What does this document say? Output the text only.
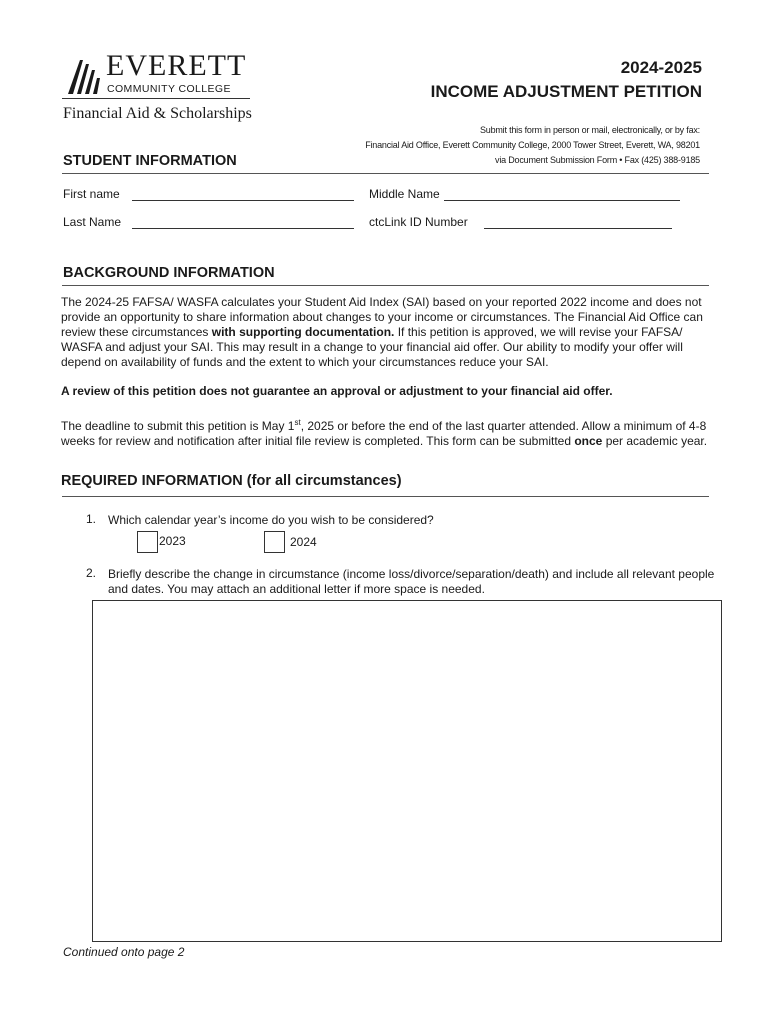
EVERETT
COMMUNITY COLLEGE
Financial Aid & Scholarships
2024-2025
INCOME ADJUSTMENT PETITION
Submit this form in person or mail, electronically, or by fax:
Financial Aid Office, Everett Community College, 2000 Tower Street, Everett, WA, 98201
via Document Submission Form • Fax (425) 388-9185
STUDENT INFORMATION
First name	Middle Name
Last Name	ctcLink ID Number
BACKGROUND INFORMATION
The 2024-25 FAFSA/ WASFA calculates your Student Aid Index (SAI) based on your reported 2022 income and does not provide an opportunity to share information about changes to your income or circumstances. The Financial Aid Office can review these circumstances with supporting documentation. If this petition is approved, we will revise your FAFSA/ WASFA and adjust your SAI. This may result in a change to your financial aid offer. Our ability to modify your offer will depend on availability of funds and the extent to which your circumstances reduce your SAI.
A review of this petition does not guarantee an approval or adjustment to your financial aid offer.
The deadline to submit this petition is May 1st, 2025 or before the end of the last quarter attended. Allow a minimum of 4-8 weeks for review and notification after initial file review is completed. This form can be submitted once per academic year.
REQUIRED INFORMATION (for all circumstances)
1. Which calendar year’s income do you wish to be considered?
2023	2024
2. Briefly describe the change in circumstance (income loss/divorce/separation/death) and include all relevant people and dates. You may attach an additional letter if more space is needed.
Continued onto page 2
